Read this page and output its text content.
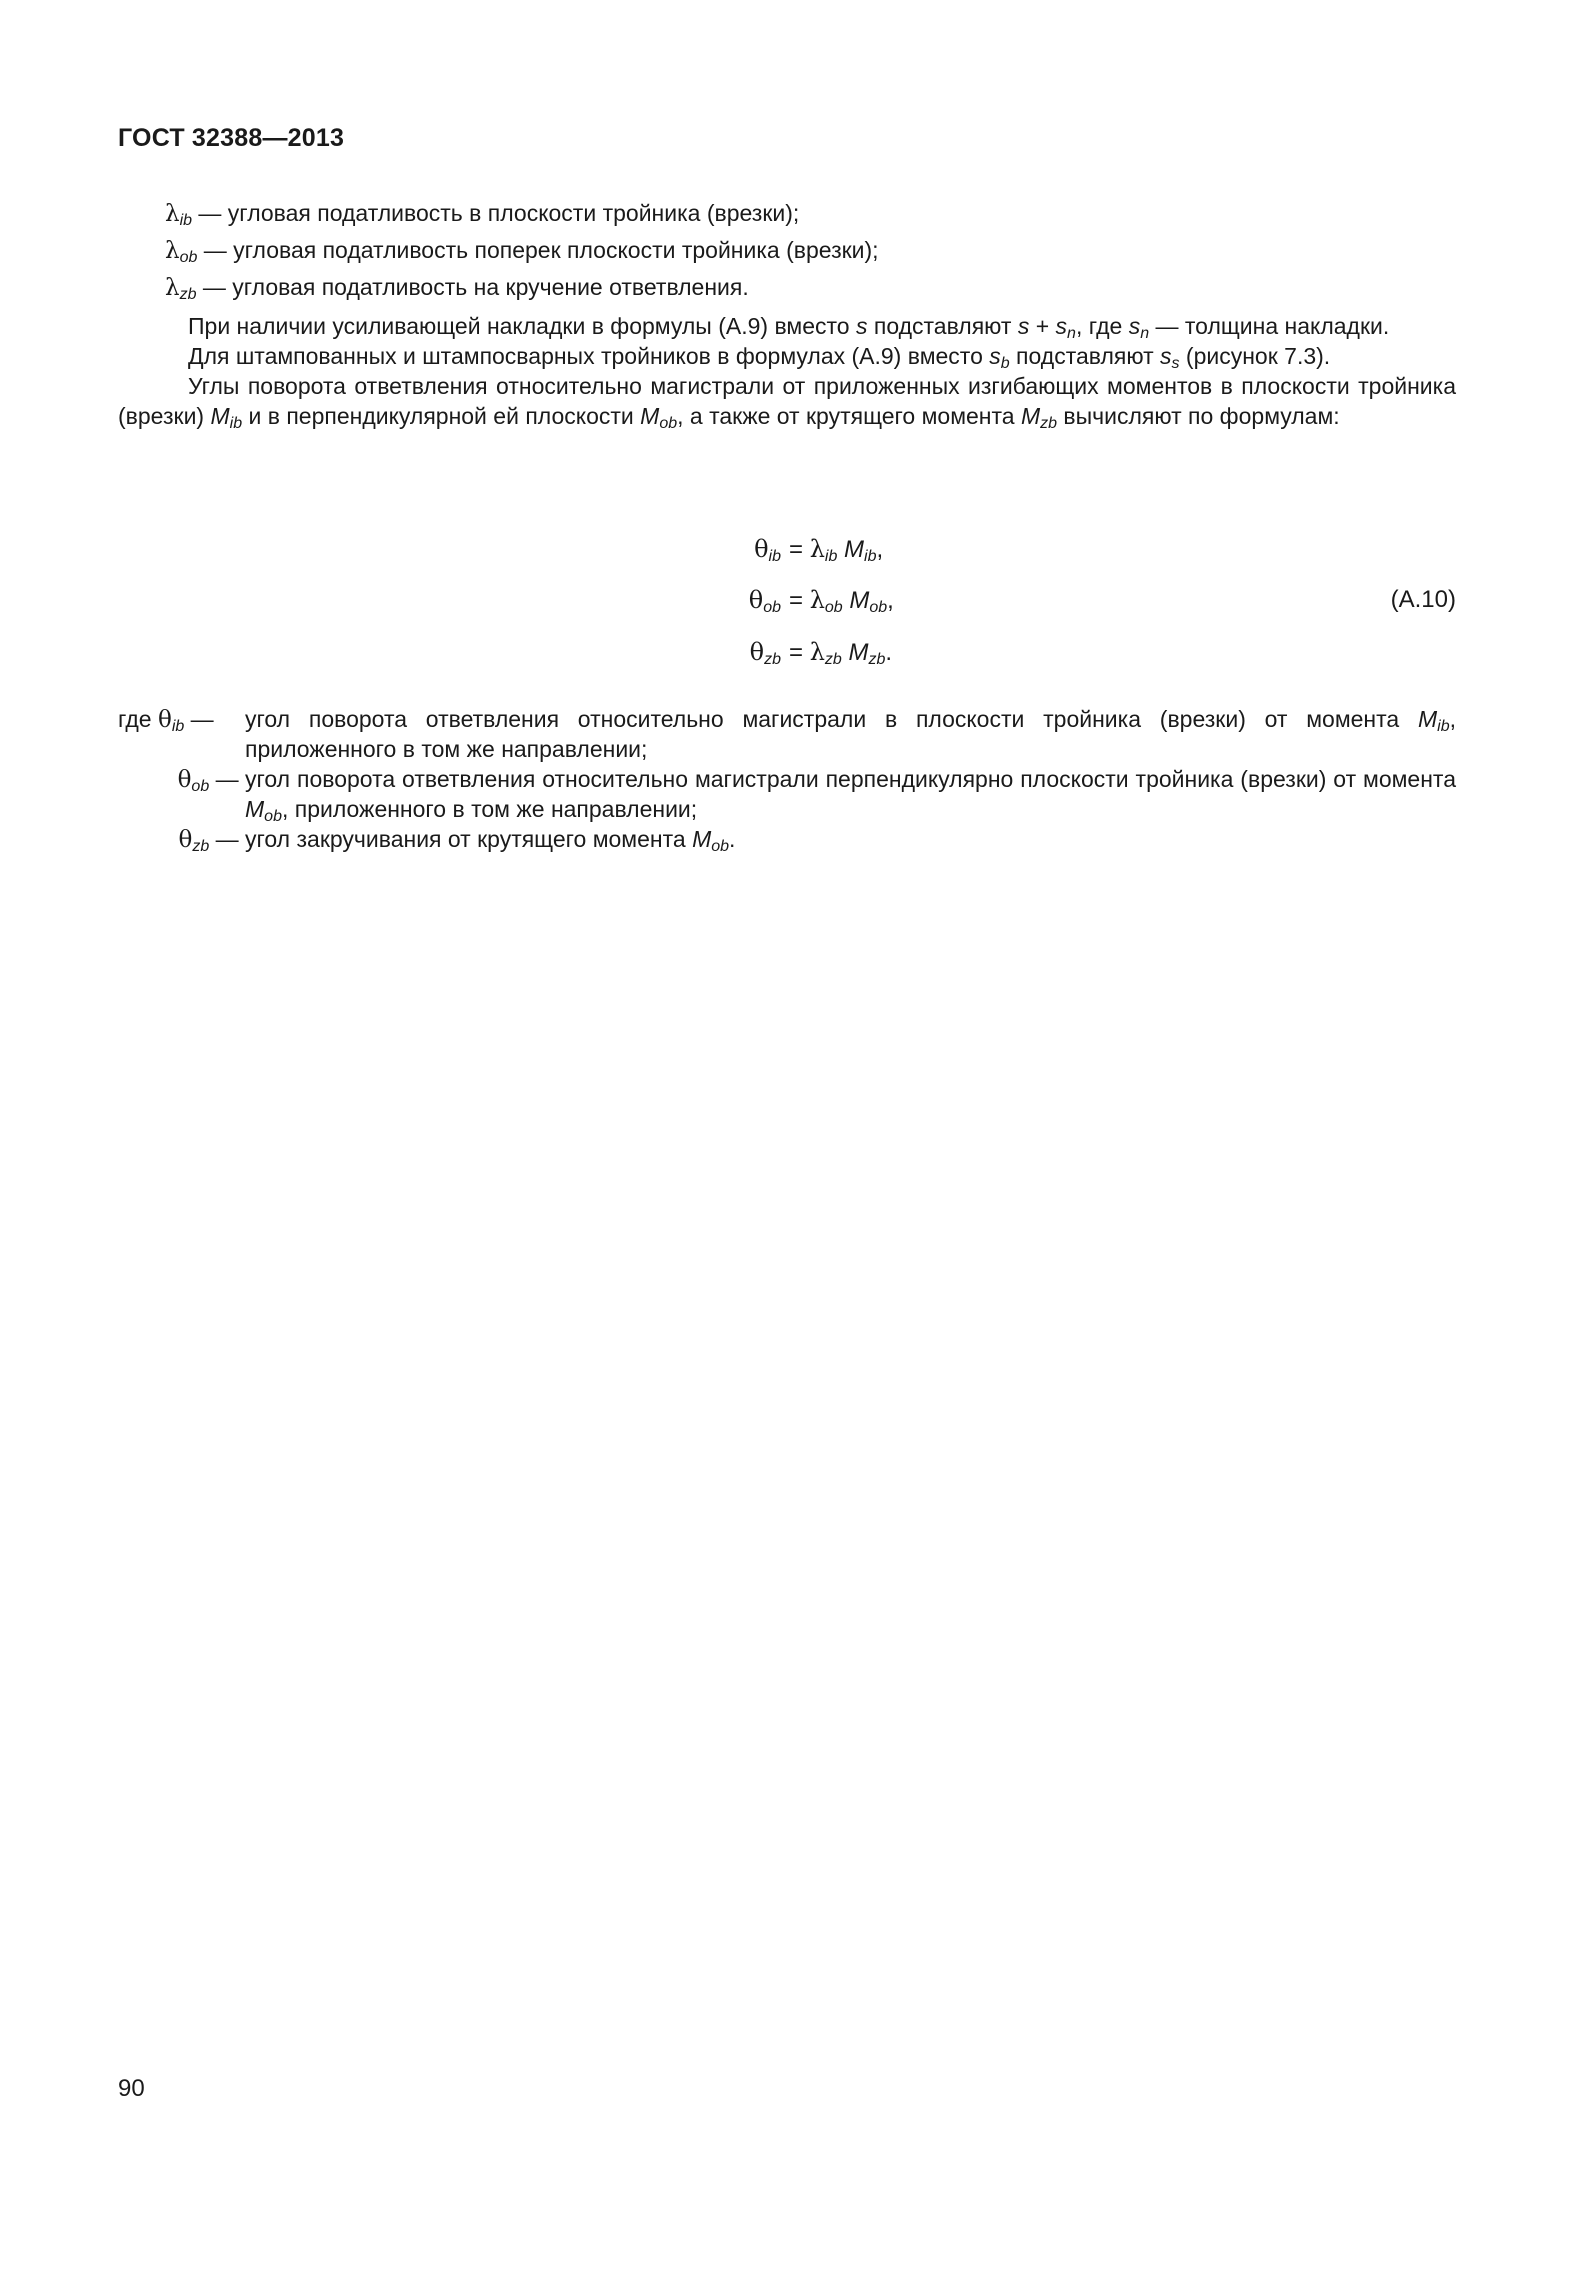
ГОСТ 32388—2013
$\lambda_{ib}$ — угловая податливость в плоскости тройника (врезки);
$\lambda_{ob}$ — угловая податливость поперек плоскости тройника (врезки);
$\lambda_{zb}$ — угловая податливость на кручение ответвления.
При наличии усиливающей накладки в формулы (А.9) вместо s подставляют $s + s_n$, где $s_n$ — толщина накладки.
Для штампованных и штампосварных тройников в формулах (А.9) вместо $s_b$ подставляют $s_s$ (рисунок 7.3).
Углы поворота ответвления относительно магистрали от приложенных изгибающих моментов в плоскости тройника (врезки) $M_{ib}$ и в перпендикулярной ей плоскости $M_{ob}$, а также от крутящего момента $M_{zb}$ вычисляют по формулам:
$\theta_{ib} = \lambda_{ib}$ $M_{ib}$,
$\theta_{ob} = \lambda_{ob}$ $M_{ob}$,	(А.10)
$\theta_{zb} = \lambda_{zb}$ $M_{zb}$.
где $\theta_{ib}$ —	угол поворота ответвления относительно магистрали в плоскости тройника (врезки) от момента $M_{ib}$, приложенного в том же направлении;
$\theta_{ob}$ — угол поворота ответвления относительно магистрали перпендикулярно плоскости тройника (врезки) от момента $M_{ob}$, приложенного в том же направлении;
$\theta_{zb}$ — угол закручивания от крутящего момента $M_{ob}$.
90
